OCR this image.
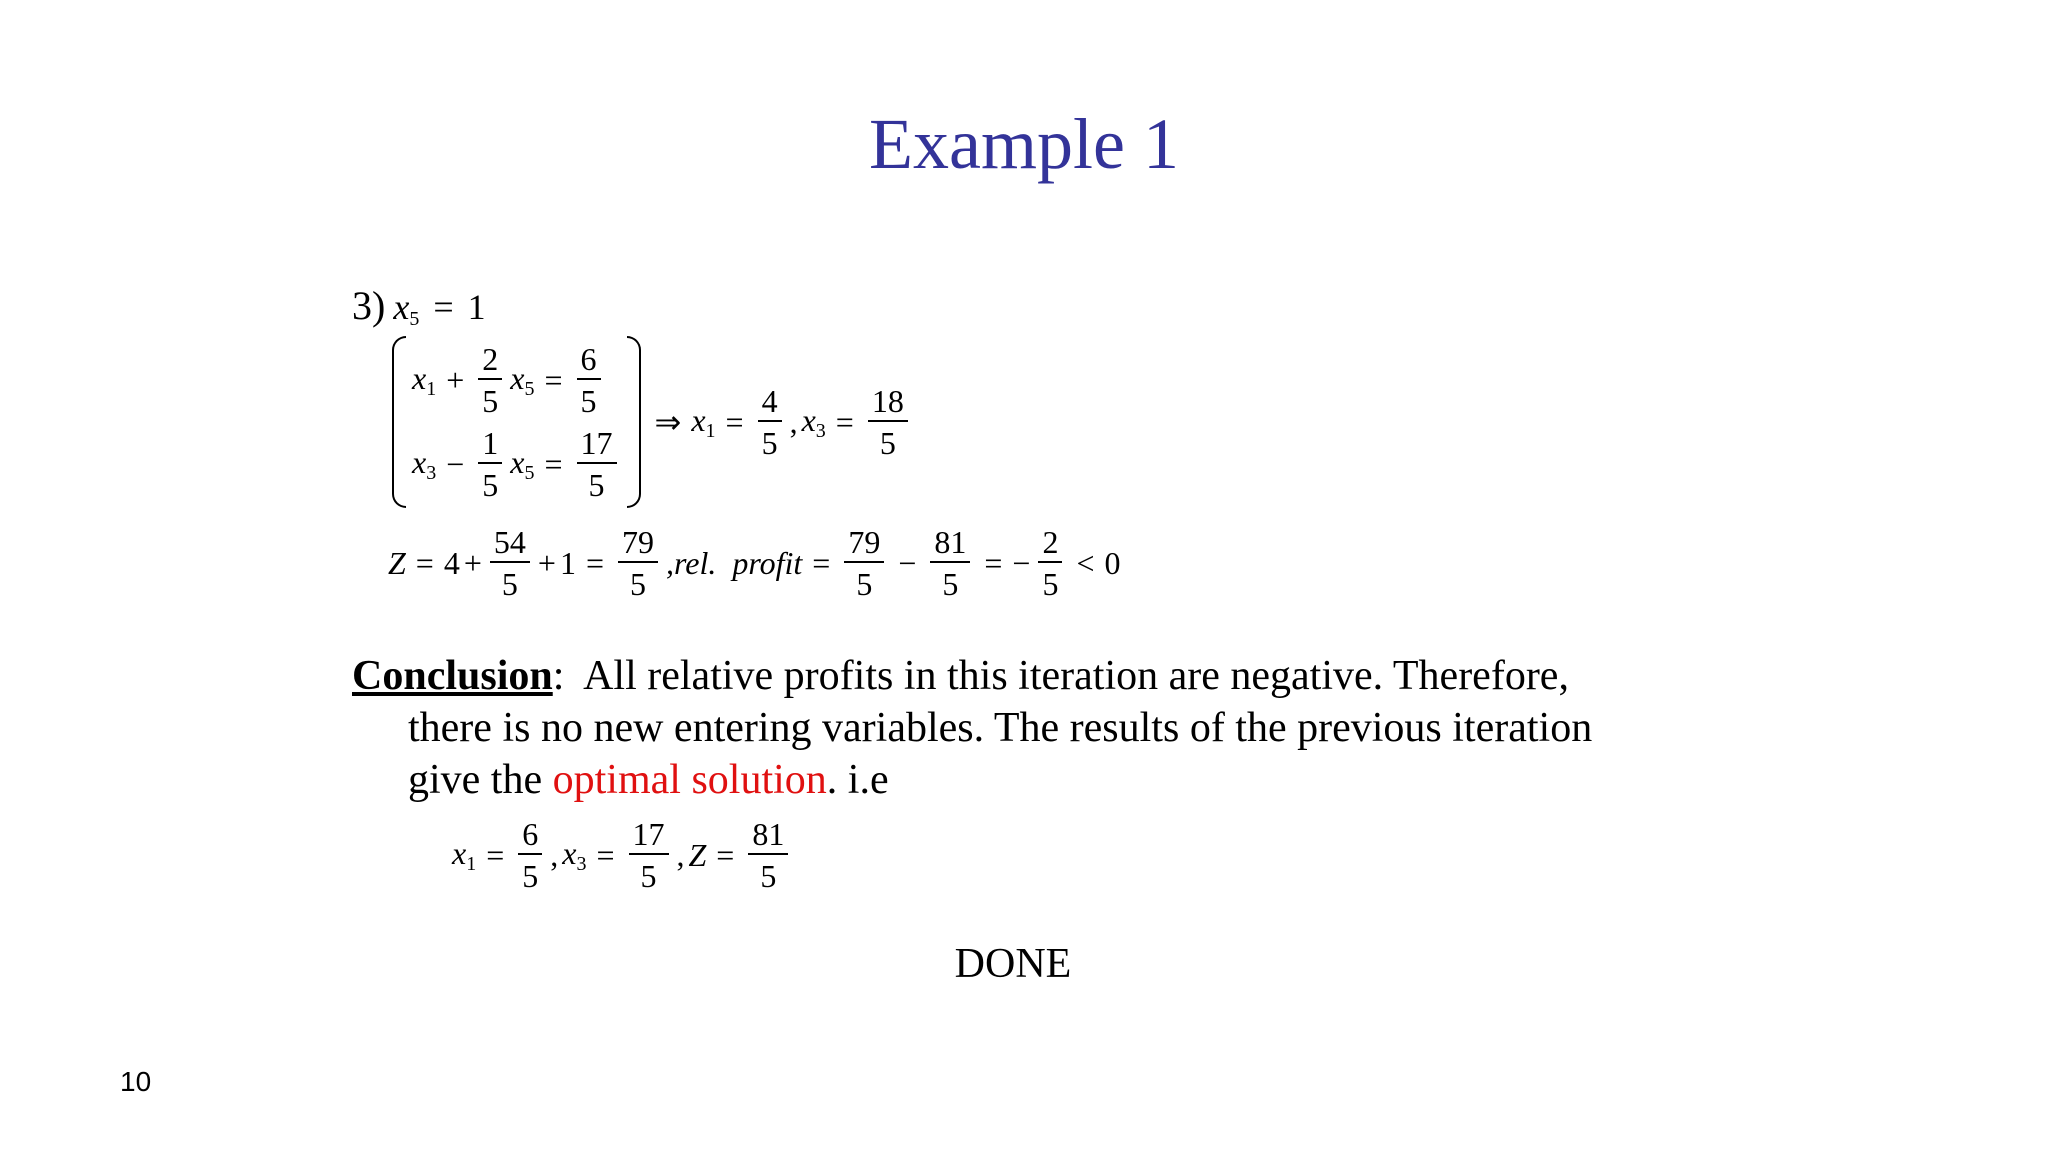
Example 1
3) $x_5 = 1$
$x_1 + \frac{2}{5} x_5 = \frac{6}{5}$
$x_3 - \frac{1}{5} x_5 = \frac{17}{5}$
⇒ $x_1 = \frac{4}{5}$ , $x_3 = \frac{18}{5}$
$Z = 4 + \frac{54}{5} + 1 = \frac{79}{5} ,rel$.  profit = $\frac{79}{5} - \frac{81}{5}$ = − $\frac{2}{5} < 0$
Conclusion:  All relative profits in this iteration are negative. Therefore,
there is no new entering variables. The results of the previous iteration
give the optimal solution. i.e
$x_1 = \frac{6}{5}$ , $x_3 = \frac{17}{5}$ , $Z = \frac{81}{5}$
DONE
10
